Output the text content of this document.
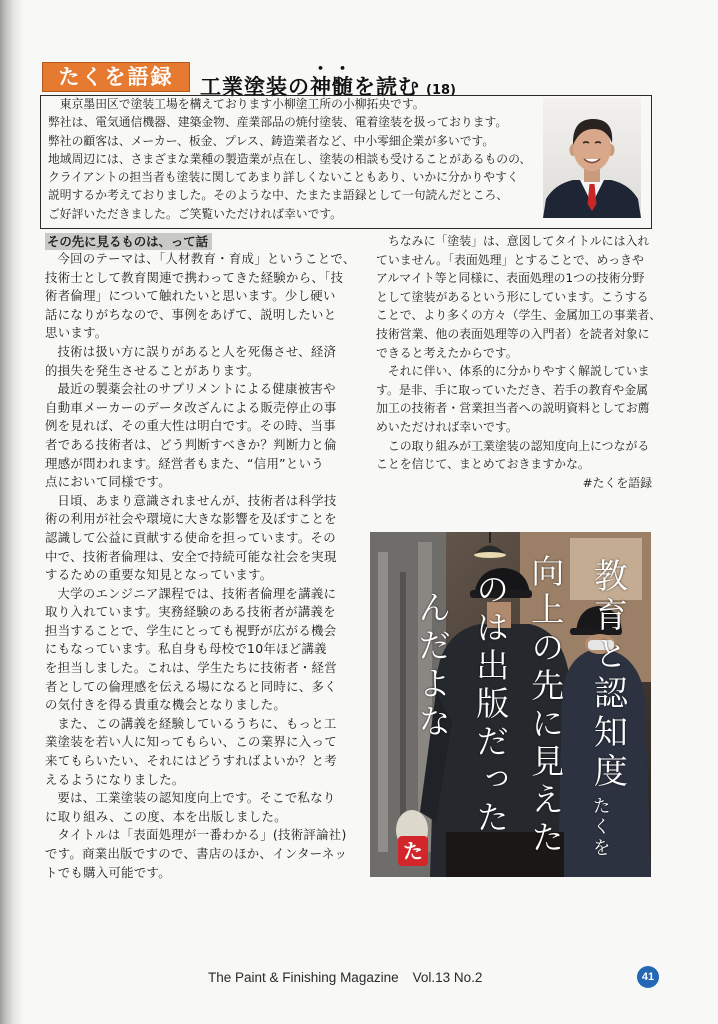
たくを語録	工業塗装の神髄を読む (18)
東京墨田区で塗装工場を構えております小柳塗工所の小柳拓央です。
弊社は、電気通信機器、建築金物、産業部品の焼付塗装、電着塗装を扱っております。
弊社の顧客は、メーカー、板金、プレス、鋳造業者など、中小零細企業が多いです。
地域周辺には、さまざまな業種の製造業が点在し、塗装の相談も受けることがあるものの、
クライアントの担当者も塗装に関してあまり詳しくないこともあり、いかに分かりやすく
説明するか考えておりました。そのような中、たまたま語録として一句読んだところ、
ご好評いただきました。ご笑覧いただければ幸いです。
その先に見るものは、って話
今回のテーマは、「人材教育・育成」ということで、
技術士として教育関連で携わってきた経験から、「技
術者倫理」について触れたいと思います。少し硬い
話になりがちなので、事例をあげて、説明したいと
思います。
技術は扱い方に誤りがあると人を死傷させ、経済
的損失を発生させることがあります。
最近の製薬会社のサプリメントによる健康被害や
自動車メーカーのデータ改ざんによる販売停止の事
例を見れば、その重大性は明白です。その時、当事
者である技術者は、どう判断すべきか？判断力と倫
理感が問われます。経営者もまた、“信用”という
点において同様です。
日頃、あまり意識されませんが、技術者は科学技
術の利用が社会や環境に大きな影響を及ぼすことを
認識して公益に貢献する使命を担っています。その
中で、技術者倫理は、安全で持続可能な社会を実現
するための重要な知見となっています。
大学のエンジニア課程では、技術者倫理を講義に
取り入れています。実務経験のある技術者が講義を
担当することで、学生にとっても視野が広がる機会
にもなっています。私自身も母校で10年ほど講義
を担当しました。これは、学生たちに技術者・経営
者としての倫理感を伝える場になると同時に、多く
の気付きを得る貴重な機会となりました。
また、この講義を経験しているうちに、もっと工
業塗装を若い人に知ってもらい、この業界に入って
来てもらいたい、それにはどうすればよいか？と考
えるようになりました。
要は、工業塗装の認知度向上です。そこで私なり
に取り組み、この度、本を出版しました。
タイトルは「表面処理が一番わかる」(技術評論社)
です。商業出版ですので、書店のほか、インターネッ
トでも購入可能です。
ちなみに「塗装」は、意図してタイトルには入れ
ていません。「表面処理」とすることで、めっきや
アルマイト等と同様に、表面処理の1つの技術分野
として塗装があるという形にしています。こうする
ことで、より多くの方々（学生、金属加工の事業者、
技術営業、他の表面処理等の入門者）を読者対象に
できると考えたからです。
それに伴い、体系的に分かりやすく解説していま
す。是非、手に取っていただき、若手の教育や金属
加工の技術者・営業担当者への説明資料としてお薦
めいただければ幸いです。
この取り組みが工業塗装の認知度向上につながる
ことを信じて、まとめておきますかな。
#たくを語録
教育と認知度
向上の先に見えた
のは出版だった
んだよな
たくを
た
The Paint & Finishing Magazine Vol.13 No.2	41
